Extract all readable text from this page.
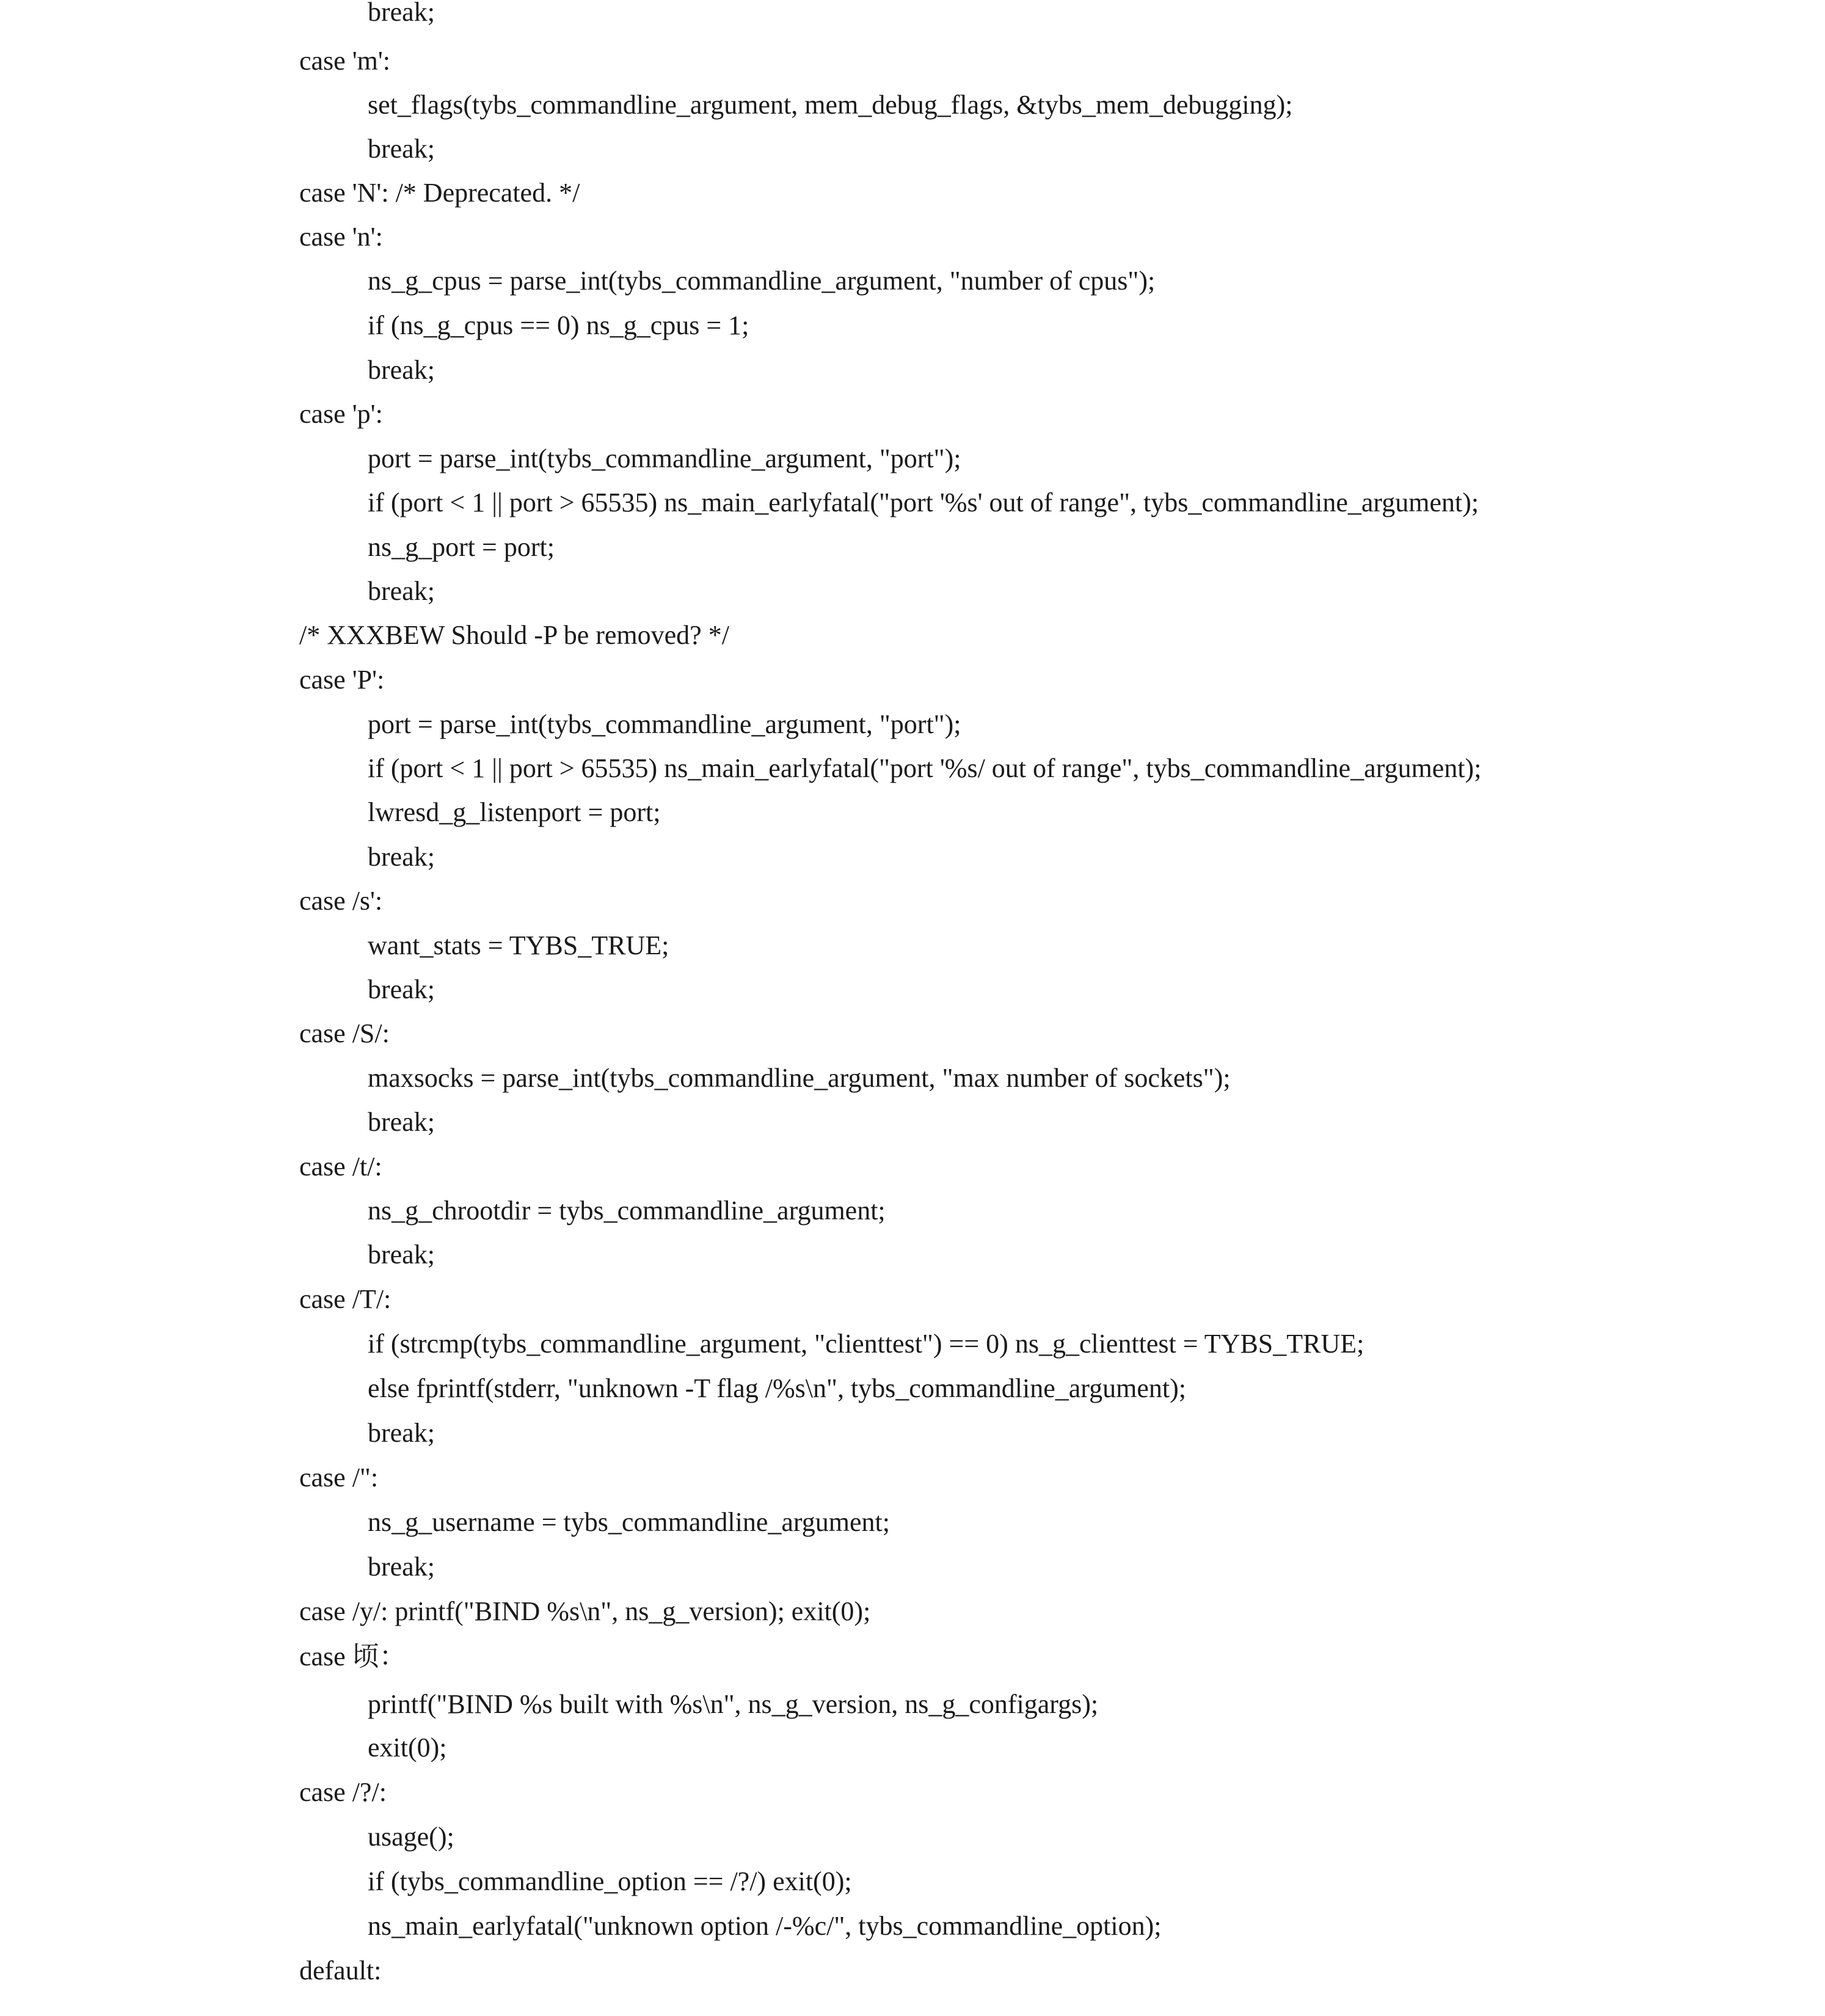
break;
case 'm':
set_flags(tybs_commandline_argument, mem_debug_flags, &tybs_mem_debugging);
break;
case 'N': /* Deprecated. */
case 'n':
ns_g_cpus = parse_int(tybs_commandline_argument, "number of cpus");
if (ns_g_cpus == 0) ns_g_cpus = 1;
break;
case 'p':
port = parse_int(tybs_commandline_argument, "port");
if (port < 1 || port > 65535) ns_main_earlyfatal("port '%s' out of range", tybs_commandline_argument);
ns_g_port = port;
break;
/* XXXBEW Should -P be removed? */
case 'P':
port = parse_int(tybs_commandline_argument, "port");
if (port < 1 || port > 65535) ns_main_earlyfatal("port '%s/ out of range", tybs_commandline_argument);
lwresd_g_listenport = port;
break;
case /s':
want_stats = TYBS_TRUE;
break;
case /S/:
maxsocks = parse_int(tybs_commandline_argument, "max number of sockets");
break;
case /t/:
ns_g_chrootdir = tybs_commandline_argument;
break;
case /T/:
if (strcmp(tybs_commandline_argument, "clienttest") == 0) ns_g_clienttest = TYBS_TRUE;
else fprintf(stderr, "unknown -T flag /%s\n", tybs_commandline_argument);
break;
case /":
ns_g_username = tybs_commandline_argument;
break;
case /y/: printf("BIND %s\n", ns_g_version); exit(0);
case 顷：
printf("BIND %s built with %s\n", ns_g_version, ns_g_configargs);
exit(0);
case /?/:
usage();
if (tybs_commandline_option == /?/) exit(0);
ns_main_earlyfatal("unknown option /-%c/", tybs_commandline_option);
default:
